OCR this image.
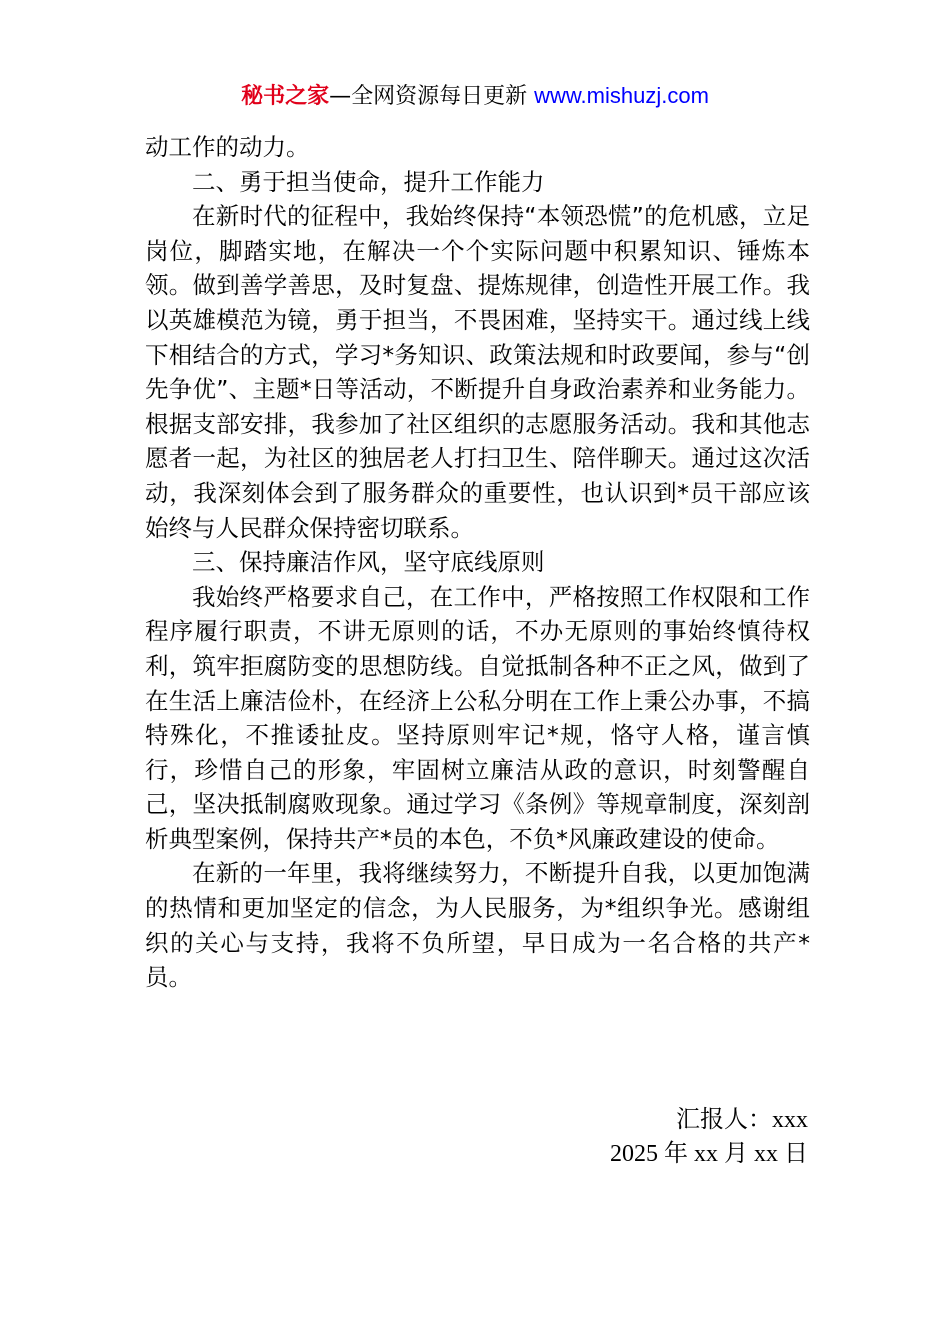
秘书之家—全网资源每日更新 www.mishuzj.com

动工作的动力。

二、勇于担当使命，提升工作能力

在新时代的征程中，我始终保持“本领恐慌”的危机感，立足岗位，脚踏实地，在解决一个个实际问题中积累知识、锤炼本领。做到善学善思，及时复盘、提炼规律，创造性开展工作。我以英雄模范为镜，勇于担当，不畏困难，坚持实干。通过线上线下相结合的方式，学习*务知识、政策法规和时政要闻，参与“创先争优”、主题*日等活动，不断提升自身政治素养和业务能力。根据支部安排，我参加了社区组织的志愿服务活动。我和其他志愿者一起，为社区的独居老人打扫卫生、陪伴聊天。通过这次活动，我深刻体会到了服务群众的重要性，也认识到*员干部应该始终与人民群众保持密切联系。

三、保持廉洁作风，坚守底线原则

我始终严格要求自己，在工作中，严格按照工作权限和工作程序履行职责，不讲无原则的话，不办无原则的事始终慎待权利，筑牢拒腐防变的思想防线。自觉抵制各种不正之风，做到了在生活上廉洁俭朴，在经济上公私分明在工作上秉公办事，不搞特殊化，不推诿扯皮。坚持原则牢记*规，恪守人格，谨言慎行，珍惜自己的形象，牢固树立廉洁从政的意识，时刻警醒自己，坚决抵制腐败现象。通过学习《条例》等规章制度，深刻剖析典型案例，保持共产*员的本色，不负*风廉政建设的使命。

在新的一年里，我将继续努力，不断提升自我，以更加饱满的热情和更加坚定的信念，为人民服务，为*组织争光。感谢组织的关心与支持，我将不负所望，早日成为一名合格的共产*员。

汇报人：xxx
2025 年 xx 月 xx 日
